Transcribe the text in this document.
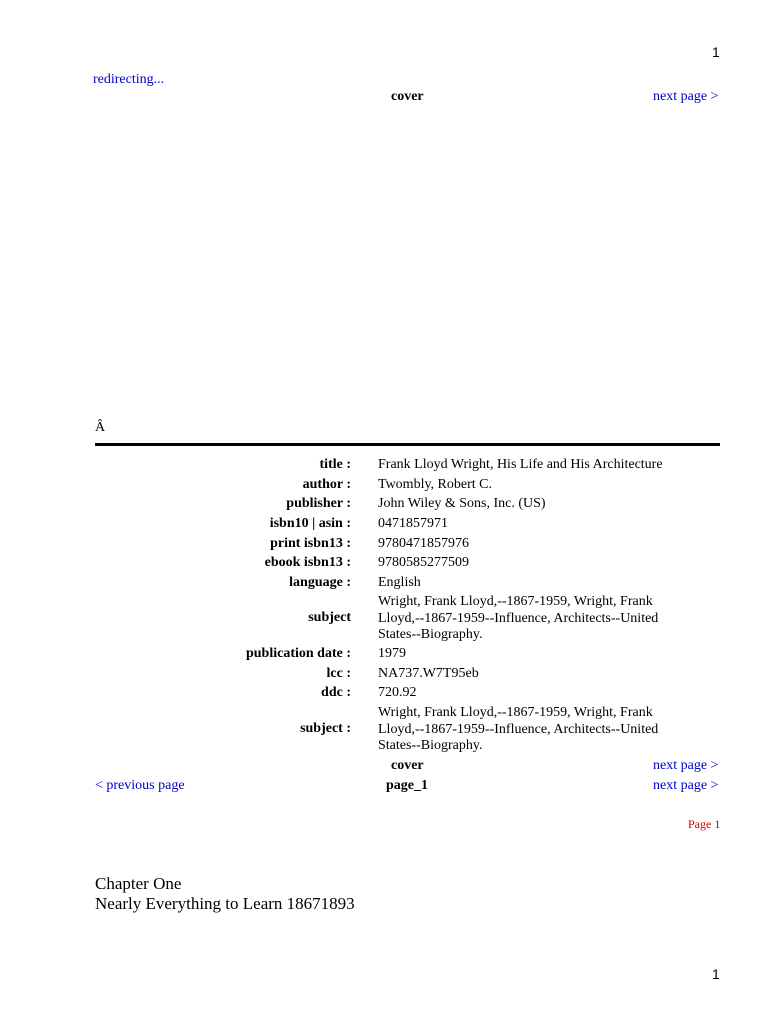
1
redirecting...
cover	next page >
Â
title : Frank Lloyd Wright, His Life and His Architecture
author : Twombly, Robert C.
publisher : John Wiley & Sons, Inc. (US)
isbn10 | asin : 0471857971
print isbn13 : 9780471857976
ebook isbn13 : 9780585277509
language : English
subject
Wright, Frank Lloyd,--1867-1959, Wright, Frank Lloyd,--1867-1959--Influence, Architects--United States--Biography.
publication date : 1979
lcc : NA737.W7T95eb
ddc : 720.92
subject :
Wright, Frank Lloyd,--1867-1959, Wright, Frank Lloyd,--1867-1959--Influence, Architects--United States--Biography.
cover	next page >
< previous page	page_1	next page >
Page 1
Chapter One
Nearly Everything to Learn 18671893
1
